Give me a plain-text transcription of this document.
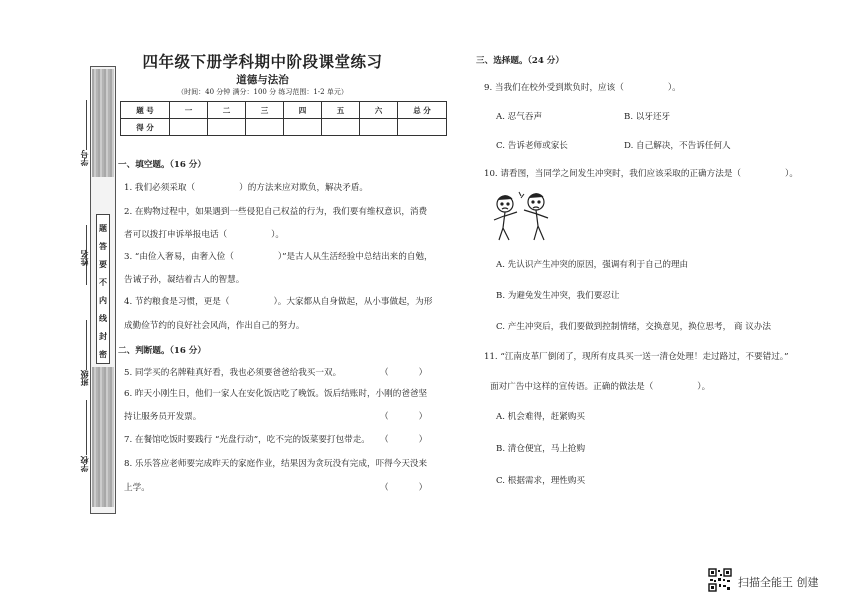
题
答
要
不
内
线
封
密
学号
姓名
班级
学校
四年级下册学科期中阶段课堂练习
道德与法治
（时间：40 分钟 满分：100 分 练习范围：1-2 单元）
题 号	一	二	三	四	五	六	总 分
得 分							
一、填空题。（16 分）
1. 我们必须采取（	）的方法来应对欺负，解决矛盾。
2. 在购物过程中，如果遇到一些侵犯自己权益的行为，我们要有维权意识，消费
者可以拨打申诉举报电话（	）。
3. “由俭入奢易，由奢入俭（	）”是古人从生活经验中总结出来的自勉，
告诫子孙，凝结着古人的智慧。
4. 节约粮食是习惯，更是（	）。大家都从自身做起，从小事做起，为形
成勤俭节约的良好社会风尚，作出自己的努力。
二、判断题。（16 分）
5. 同学买的名牌鞋真好看，我也必须要爸爸给我买一双。	（	）
6. 昨天小刚生日，他们一家人在安化饭店吃了晚饭。饭后结账时，小刚的爸爸坚
持让服务员开发票。	（	）
7. 在餐馆吃饭时要践行 “光盘行动”，吃不完的饭菜要打包带走。 （	）
8. 乐乐答应老师要完成昨天的家庭作业，结果因为贪玩没有完成，吓得今天没来
上学。	（	）
三、选择题。（24 分）
9. 当我们在校外受到欺负时，应该（	）。
A. 忍气吞声	B. 以牙还牙
C. 告诉老师或家长	D. 自己解决，不告诉任何人
10. 请看图，当同学之间发生冲突时，我们应该采取的正确方法是（	）。
A. 先认识产生冲突的原因，强调有利于自己的理由
B. 为避免发生冲突，我们要忍让
C. 产生冲突后，我们要做到控制情绪，交换意见，换位思考， 商 议办法
11. “江南皮革厂倒闭了，现所有皮具买一送一清仓处理！走过路过，不要错过。”
面对广告中这样的宣传语。正确的做法是（	）。
A. 机会难得，赶紧购买
B. 清仓便宜，马上抢购
C. 根据需求，理性购买
扫描全能王 创建
